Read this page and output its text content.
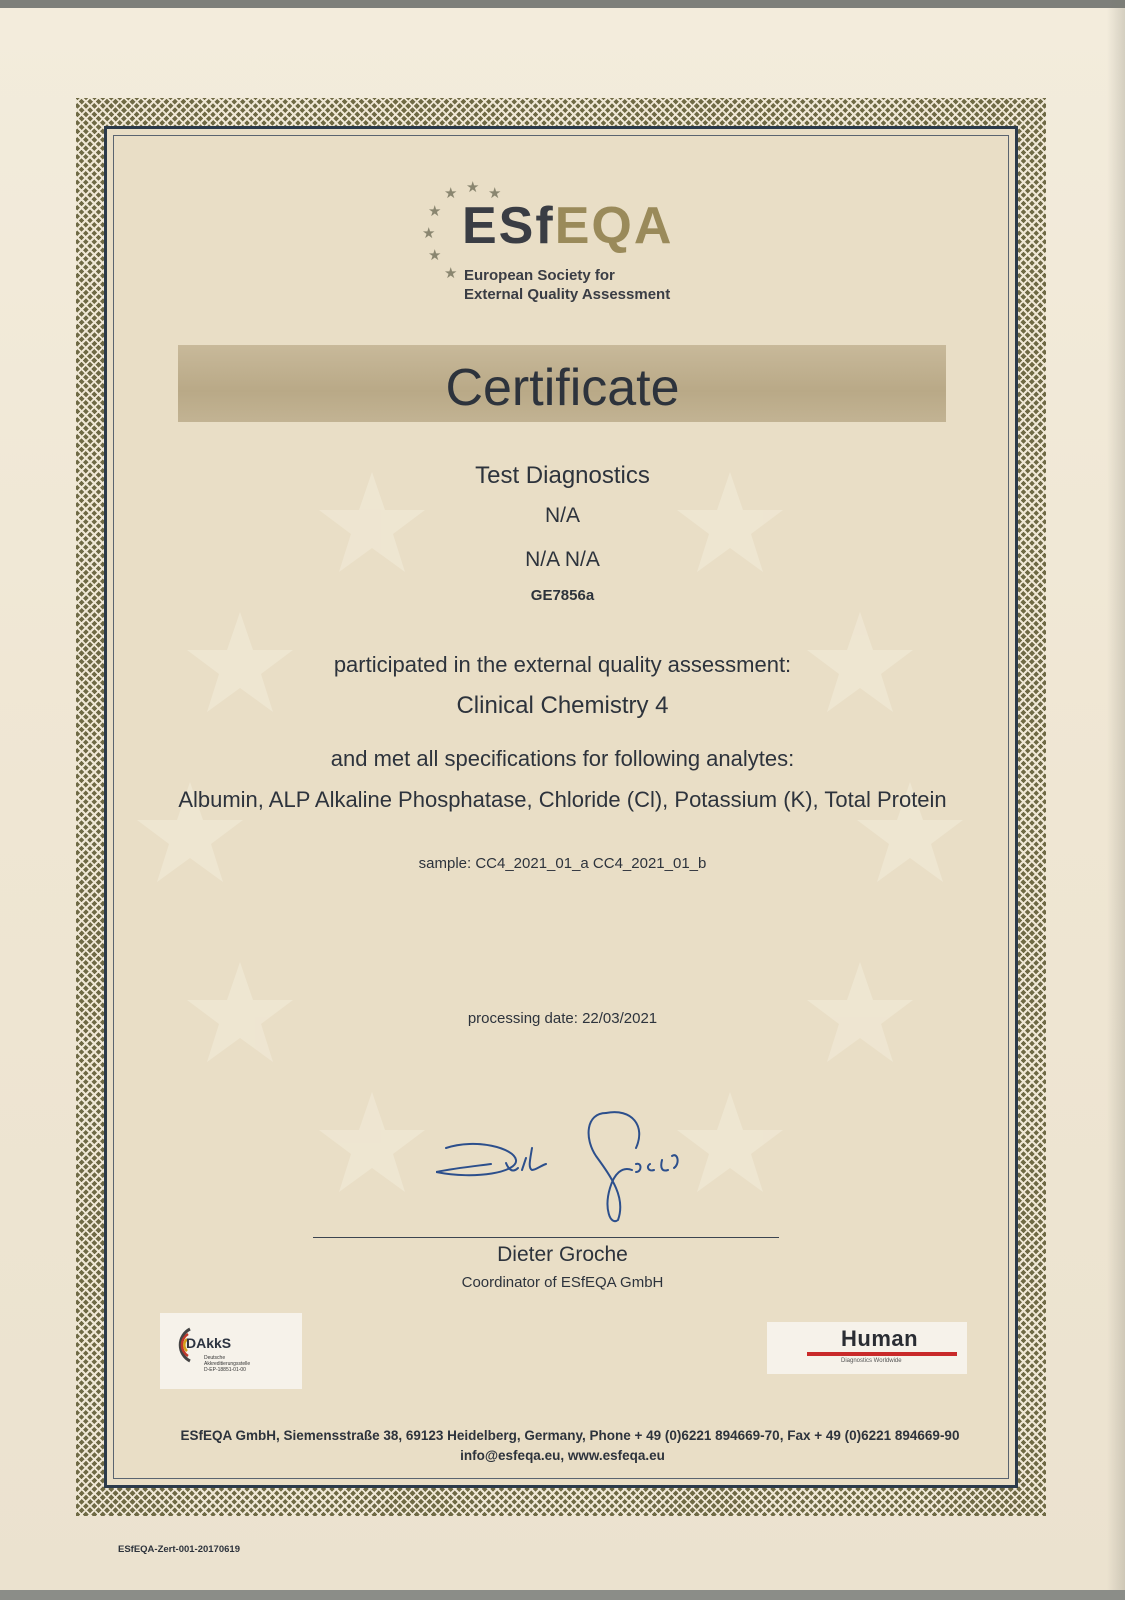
★ ★ ★
★
★
★
★
ESfEQA
European Society for
External Quality Assessment
Certificate
Test Diagnostics
N/A
N/A N/A
GE7856a
participated in the external quality assessment:
Clinical Chemistry 4
and met all specifications for following analytes:
Albumin, ALP Alkaline Phosphatase, Chloride (Cl), Potassium (K), Total Protein
sample: CC4_2021_01_a CC4_2021_01_b
processing date: 22/03/2021
Dieter Groche
Coordinator of ESfEQA GmbH
DAkkS
Deutsche
Akkreditierungsstelle
D-EP-18851-01-00
Human
Diagnostics Worldwide
ESfEQA GmbH, Siemensstraße 38, 69123 Heidelberg, Germany, Phone + 49 (0)6221 894669-70, Fax + 49 (0)6221 894669-90
info@esfeqa.eu, www.esfeqa.eu
ESfEQA-Zert-001-20170619
